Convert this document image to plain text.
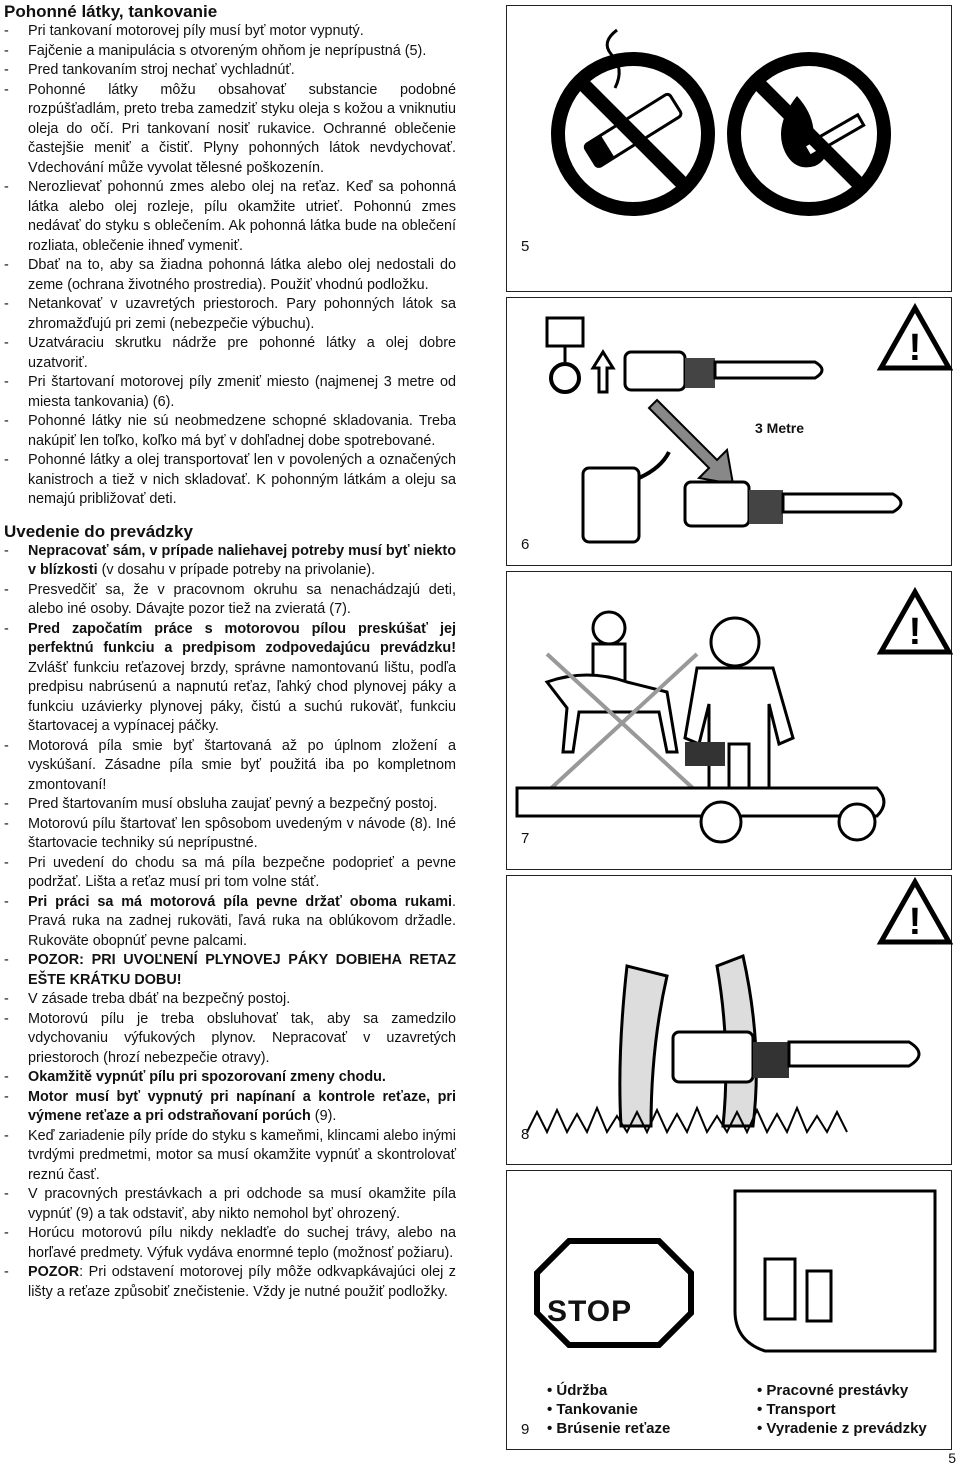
Pohonné látky, tankovanie
- Pri tankovaní motorovej píly musí byť motor vypnutý.
- Fajčenie a manipulácia s otvoreným ohňom je neprípustná (5).
- Pred tankovaním stroj nechať vychladnúť.
- Pohonné látky môžu obsahovať substancie podobné rozpúšťadlám, preto treba zamedziť styku oleja s kožou a vniknutiu oleja do očí. Pri tankovaní nosiť rukavice. Ochranné oblečenie častejšie meniť a čistiť. Plyny pohonných látok nevdychovať. Vdechování může vyvolat tělesné poškozenín.
- Nerozlievať pohonnú zmes alebo olej na reťaz. Keď sa pohonná látka alebo olej rozleje, pílu okamžite utrieť. Pohonnú zmes nedávať do styku s oblečením. Ak pohonná látka bude na oblečení rozliata, oblečenie ihneď vymeniť.
- Dbať na to, aby sa žiadna pohonná látka alebo olej nedostali do zeme (ochrana životného prostredia). Použiť vhodnú podložku.
- Netankovať v uzavretých priestoroch. Pary pohonných látok sa zhromažďujú pri zemi (nebezpečie výbuchu).
- Uzatváraciu skrutku nádrže pre pohonné látky a olej dobre uzatvoriť.
- Pri štartovaní motorovej píly zmeniť miesto (najmenej 3 metre od miesta tankovania) (6).
- Pohonné látky nie sú neobmedzene schopné skladovania. Treba nakúpiť len toľko, koľko má byť v dohľadnej dobe spotrebované.
- Pohonné látky a olej transportovať len v povolených a označených kanistroch a tiež v nich skladovať. K pohonným látkám a oleju sa nemajú približovať deti.
Uvedenie do prevádzky
- Nepracovať sám, v prípade naliehavej potreby musí byť niekto v blízkosti (v dosahu v prípade potreby na privolanie).
- Presvedčiť sa, že v pracovnom okruhu sa nenachádzajú deti, alebo iné osoby. Dávajte pozor tiež na zvieratá (7).
- Pred započatím práce s motorovou pílou preskúšať jej perfektnú funkciu a predpisom zodpovedajúcu prevádzku! Zvlášť funkciu reťazovej brzdy, správne namontovanú lištu, podľa predpisu nabrúsenú a napnutú reťaz, ľahký chod plynovej páky a funkciu uzávierky plynovej páky, čistú a suchú rukoväť, funkciu štartovacej a vypínacej páčky.
- Motorová píla smie byť štartovaná až po úplnom zložení a vyskúšaní. Zásadne píla smie byť použitá iba po kompletnom zmontovaní!
- Pred štartovaním musí obsluha zaujať pevný a bezpečný postoj.
- Motorovú pílu štartovať len spôsobom uvedeným v návode (8). Iné štartovacie techniky sú neprípustné.
- Pri uvedení do chodu sa má píla bezpečne podoprieť a pevne podržať. Lišta a reťaz musí pri tom volne stáť.
- Pri práci sa má motorová píla pevne držať oboma rukami. Pravá ruka na zadnej rukoväti, ľavá ruka na oblúkovom držadle. Rukoväte obopnúť pevne palcami.
- POZOR: PRI UVOĽNENÍ PLYNOVEJ PÁKY DOBIEHA RETAZ EŠTE KRÁTKU DOBU!
- V zásade treba dbáť na bezpečný postoj.
- Motorovú pílu je treba obsluhovať tak, aby sa zamedzilo vdychovaniu výfukových plynov. Nepracovať v uzavretých priestoroch (hrozí nebezpečie otravy).
- Okamžitě vypnúť pílu pri spozorovaní zmeny chodu.
- Motor musí byť vypnutý pri napínaní a kontrole reťaze, pri výmene reťaze a pri odstraňovaní porúch (9).
- Keď zariadenie píly príde do styku s kameňmi, klincami alebo inými tvrdými predmetmi, motor sa musí okamžite vypnúť a skontrolovať reznú časť.
- V pracovných prestávkach a pri odchode sa musí okamžite píla vypnúť (9) a tak odstaviť, aby nikto nemohol byť ohrozený.
- Horúcu motorovú pílu nikdy nekladťe do suchej trávy, alebo na horľavé predmety. Výfuk vydáva enormné teplo (možnosť požiaru).
- POZOR: Pri odstavení motorovej píly môže odkvapkávajúci olej z lišty a reťaze způsobiť znečistenie. Vždy je nutné použiť podložky.
5
!
3 Metre
6
!
7
!
8
STOP
• Údržba
• Tankovanie
• Brúsenie reťaze
• Pracovné prestávky
• Transport
• Vyradenie z prevádzky
9
5
